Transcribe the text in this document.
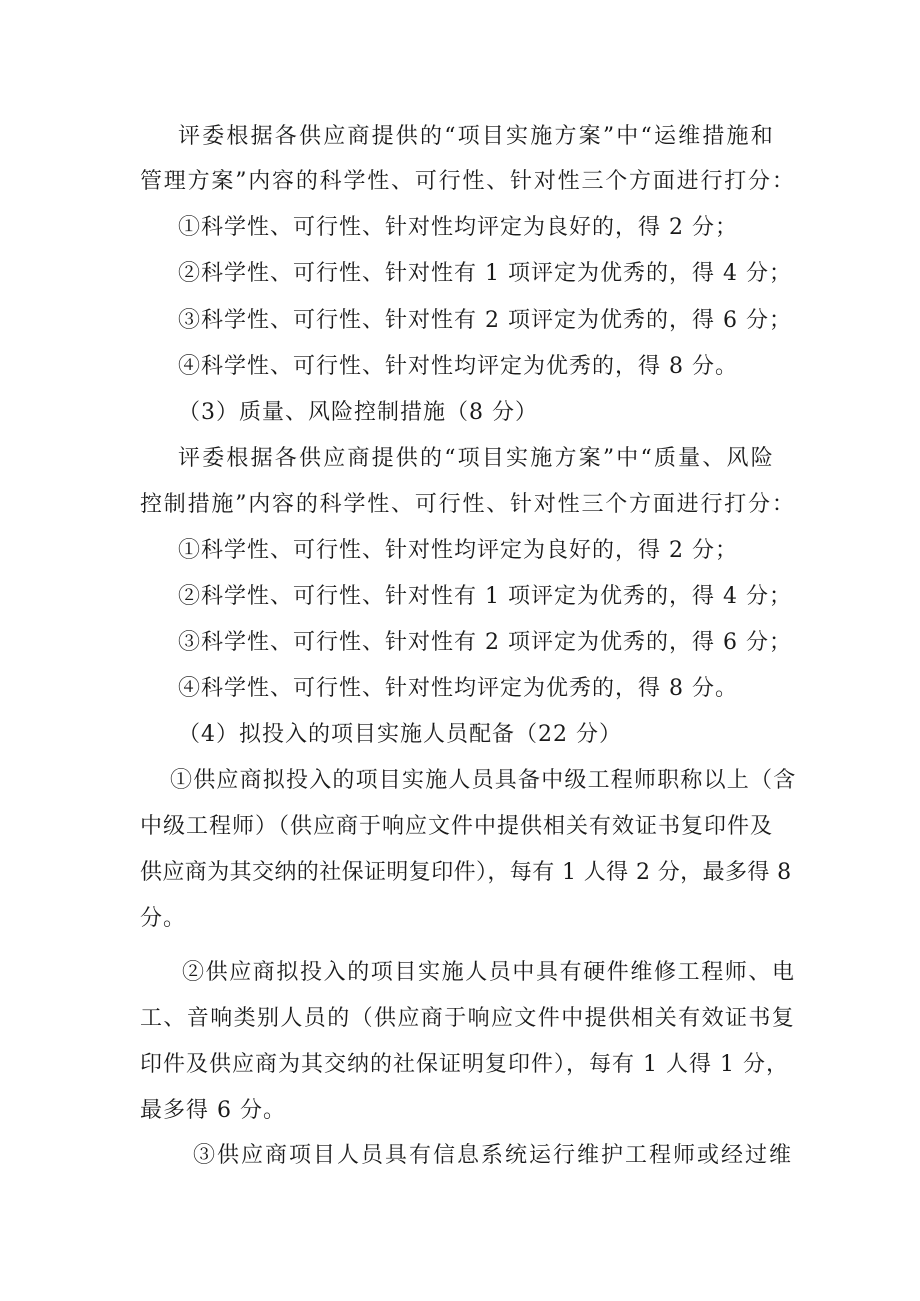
评委根据各供应商提供的“项目实施方案”中“运维措施和
管理方案”内容的科学性、可行性、针对性三个方面进行打分：
①科学性、可行性、针对性均评定为良好的，得 2 分；
②科学性、可行性、针对性有 1 项评定为优秀的，得 4 分；
③科学性、可行性、针对性有 2 项评定为优秀的，得 6 分；
④科学性、可行性、针对性均评定为优秀的，得 8 分。
（3）质量、风险控制措施（8 分）
评委根据各供应商提供的“项目实施方案”中“质量、风险
控制措施”内容的科学性、可行性、针对性三个方面进行打分：
①科学性、可行性、针对性均评定为良好的，得 2 分；
②科学性、可行性、针对性有 1 项评定为优秀的，得 4 分；
③科学性、可行性、针对性有 2 项评定为优秀的，得 6 分；
④科学性、可行性、针对性均评定为优秀的，得 8 分。
（4）拟投入的项目实施人员配备（22 分）
①供应商拟投入的项目实施人员具备中级工程师职称以上（含
中级工程师）（供应商于响应文件中提供相关有效证书复印件及
供应商为其交纳的社保证明复印件），每有 1 人得 2 分，最多得 8
分。
②供应商拟投入的项目实施人员中具有硬件维修工程师、电
工、音响类别人员的（供应商于响应文件中提供相关有效证书复
印件及供应商为其交纳的社保证明复印件），每有 1 人得 1 分，
最多得 6 分。
③供应商项目人员具有信息系统运行维护工程师或经过维
